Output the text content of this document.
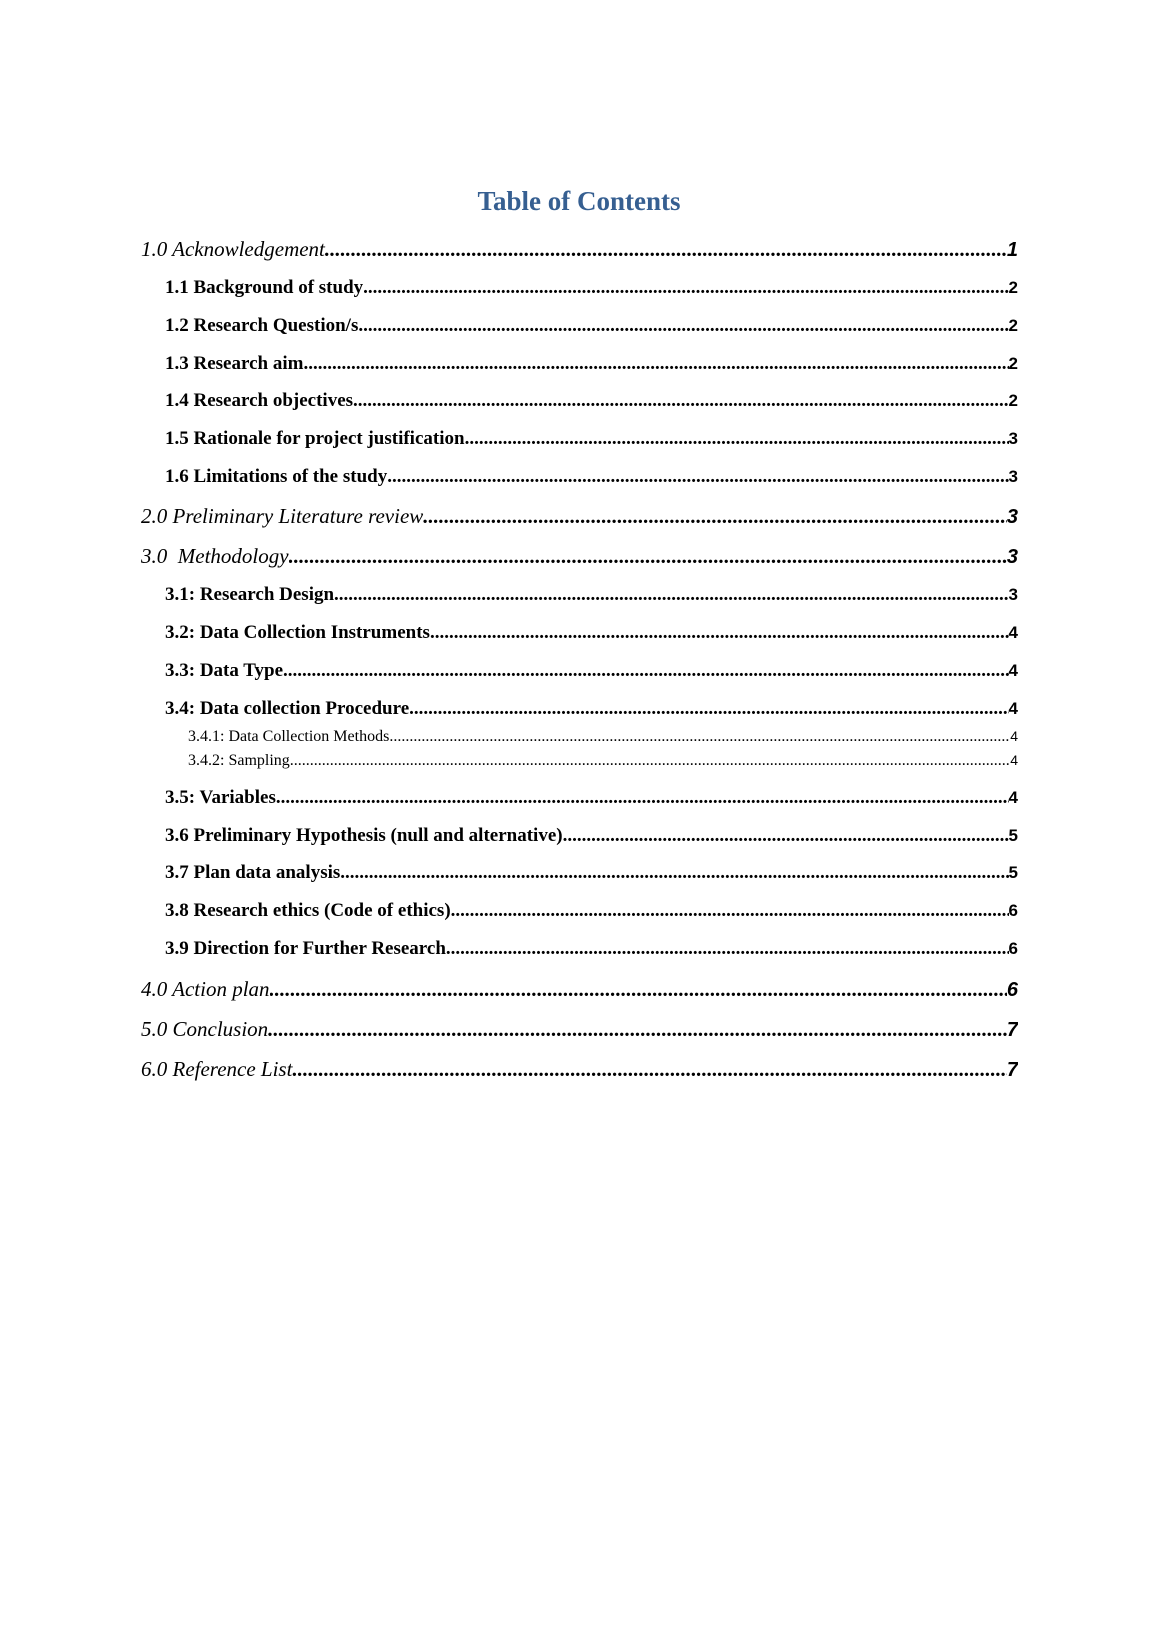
Table of Contents
1.0 Acknowledgement .....	1
1.1 Background of study .....	2
1.2 Research Question/s .....	2
1.3 Research aim .....	2
1.4 Research objectives .....	2
1.5 Rationale for project justification .....	3
1.6 Limitations of the study .....	3
2.0 Preliminary Literature review .....	3
3.0  Methodology .....	3
3.1: Research Design .....	3
3.2: Data Collection Instruments .....	4
3.3: Data Type .....	4
3.4: Data collection Procedure .....	4
3.4.1: Data Collection Methods .....	4
3.4.2: Sampling .....	4
3.5: Variables .....	4
3.6 Preliminary Hypothesis (null and alternative) .....	5
3.7 Plan data analysis .....	5
3.8 Research ethics (Code of ethics) .....	6
3.9 Direction for Further Research .....	6
4.0 Action plan .....	6
5.0 Conclusion .....	7
6.0 Reference List .....	7
